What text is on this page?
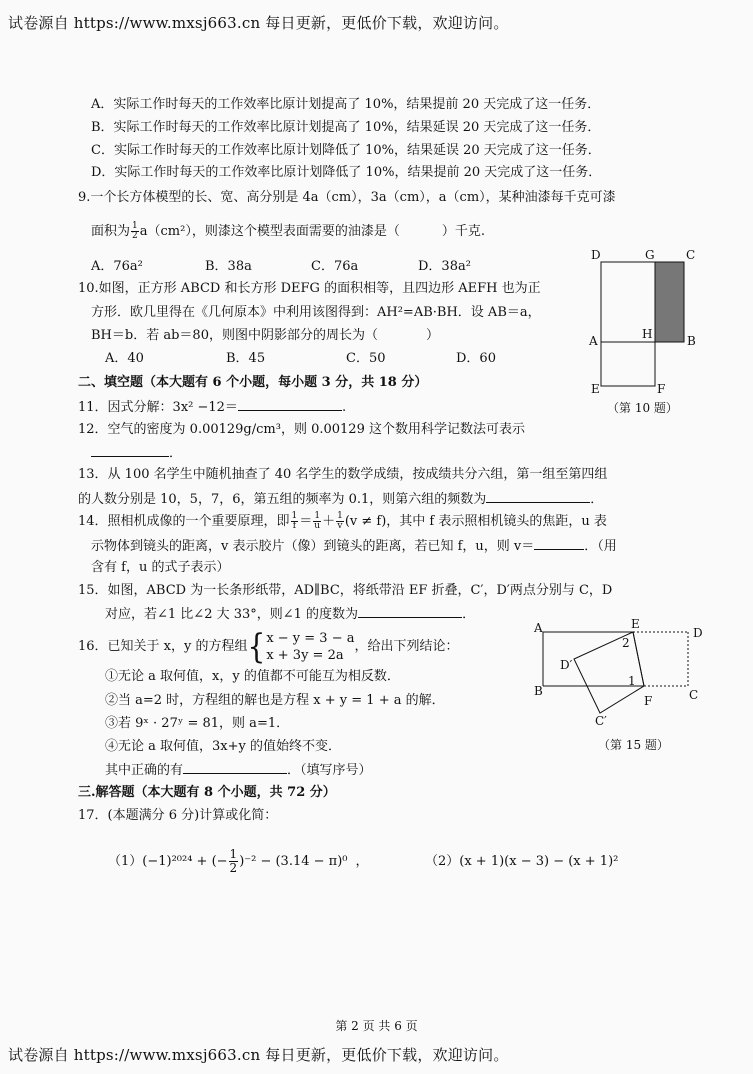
试卷源自 https://www.mxsj663.cn 每日更新，更低价下载，欢迎访问。
A．实际工作时每天的工作效率比原计划提高了 10%，结果提前 20 天完成了这一任务．
B．实际工作时每天的工作效率比原计划提高了 10%，结果延误 20 天完成了这一任务．
C．实际工作时每天的工作效率比原计划降低了 10%，结果延误 20 天完成了这一任务．
D．实际工作时每天的工作效率比原计划降低了 10%，结果提前 20 天完成了这一任务．
9.一个长方体模型的长、宽、高分别是 4a（cm），3a（cm），a（cm），某种油漆每千克可漆
面积为 $\frac{1}{2} a(cm^2)$，则漆这个模型表面需要的油漆是（	）千克.
A．76a²	B．38a	C．76a	D．38a²
10.如图，正方形 ABCD 和长方形 DEFG 的面积相等，且四边形 AEFH 也为正
方形．欧几里得在《几何原本》中利用该图得到：AH²=AB·BH．设 AB＝a，
BH＝b．若 ab＝80，则图中阴影部分的周长为（	）
A．40	B．45	C．50	D．60
D	G	C
A	H	B
E	F
（第 10 题）
二、填空题（本大题有 6 个小题，每小题 3 分，共 18 分）
11．因式分解：3x² −12＝	.
12．空气的密度为 0.00129g/cm³，则 0.00129 这个数用科学记数法可表示
．
13．从 100 名学生中随机抽查了 40 名学生的数学成绩，按成绩共分六组，第一组至第四组
的人数分别是 10，5，7，6，第五组的频率为 0.1，则第六组的频数为	．
14．照相机成像的一个重要原理，即 $\frac{1}{f} = \frac{1}{u} + \frac{1}{v} (v \ne f)$，其中 f 表示照相机镜头的焦距，u 表
示物体到镜头的距离，v 表示胶片（像）到镜头的距离，若已知 f，u，则 v＝	．（用
含有 f，u 的式子表示）
15．如图，ABCD 为一长条形纸带，AD∥BC，将纸带沿 EF 折叠，C′，D′两点分别与 C，D
对应，若∠1 比∠2 大 33°，则∠1 的度数为	．
A	E
D
D′
B
F	C
C′
2
1
（第 15 题）
16．已知关于 x，y 的方程组{ x − y = 3 − a
x + 3y = 2a
，给出下列结论：
①无论 a 取何值，x，y 的值都不可能互为相反数．
②当 a=2 时，方程组的解也是方程 x + y = 1 + a 的解．
③若 9ˣ · 27ʸ = 81，则 a=1．
④无论 a 取何值，3x+y 的值始终不变．
其中正确的有	．（填写序号）
三.解答题（本大题有 8 个小题，共 72 分）
17．(本题满分 6 分)计算或化简：
（1）(−1)²⁰²⁴ + (− $\frac{1}{2} )^{-2} - (3.14 - \pi)^0$ ，	（2）(x + 1)(x − 3) − (x + 1)²
第 2 页 共 6 页
试卷源自 https://www.mxsj663.cn 每日更新，更低价下载，欢迎访问。
